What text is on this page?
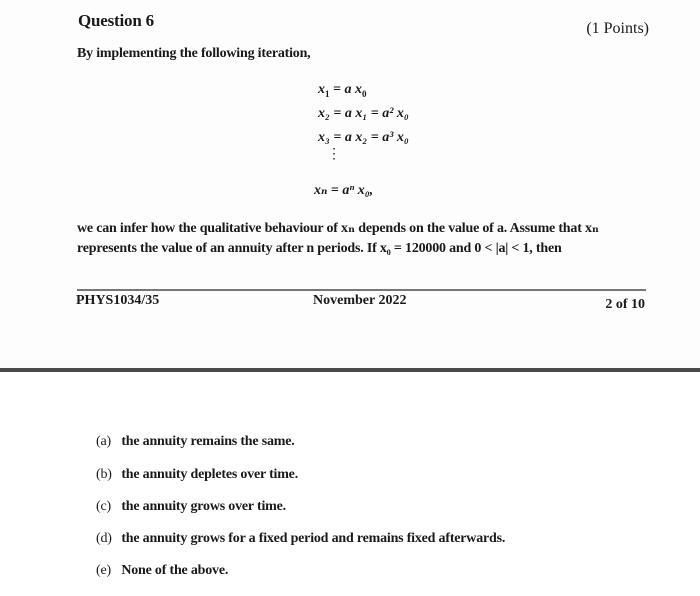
Question 6	(1 Points)
By implementing the following iteration,
$x_1 = a$ $x_0$
x₂ = a x₁ = a² x₀
x₃ = a x₂ = a³ x₀
⋮
xₙ = aⁿ x₀,
we can infer how the qualitative behaviour of xₙ depends on the value of a. Assume that xₙ
represents the value of an annuity after n periods. If x₀ = 120000 and 0 < |a| < 1, then
PHYS1034/35	November 2022	2 of 10
(a) the annuity remains the same.
(b) the annuity depletes over time.
(c) the annuity grows over time.
(d) the annuity grows for a fixed period and remains fixed afterwards.
(e) None of the above.
